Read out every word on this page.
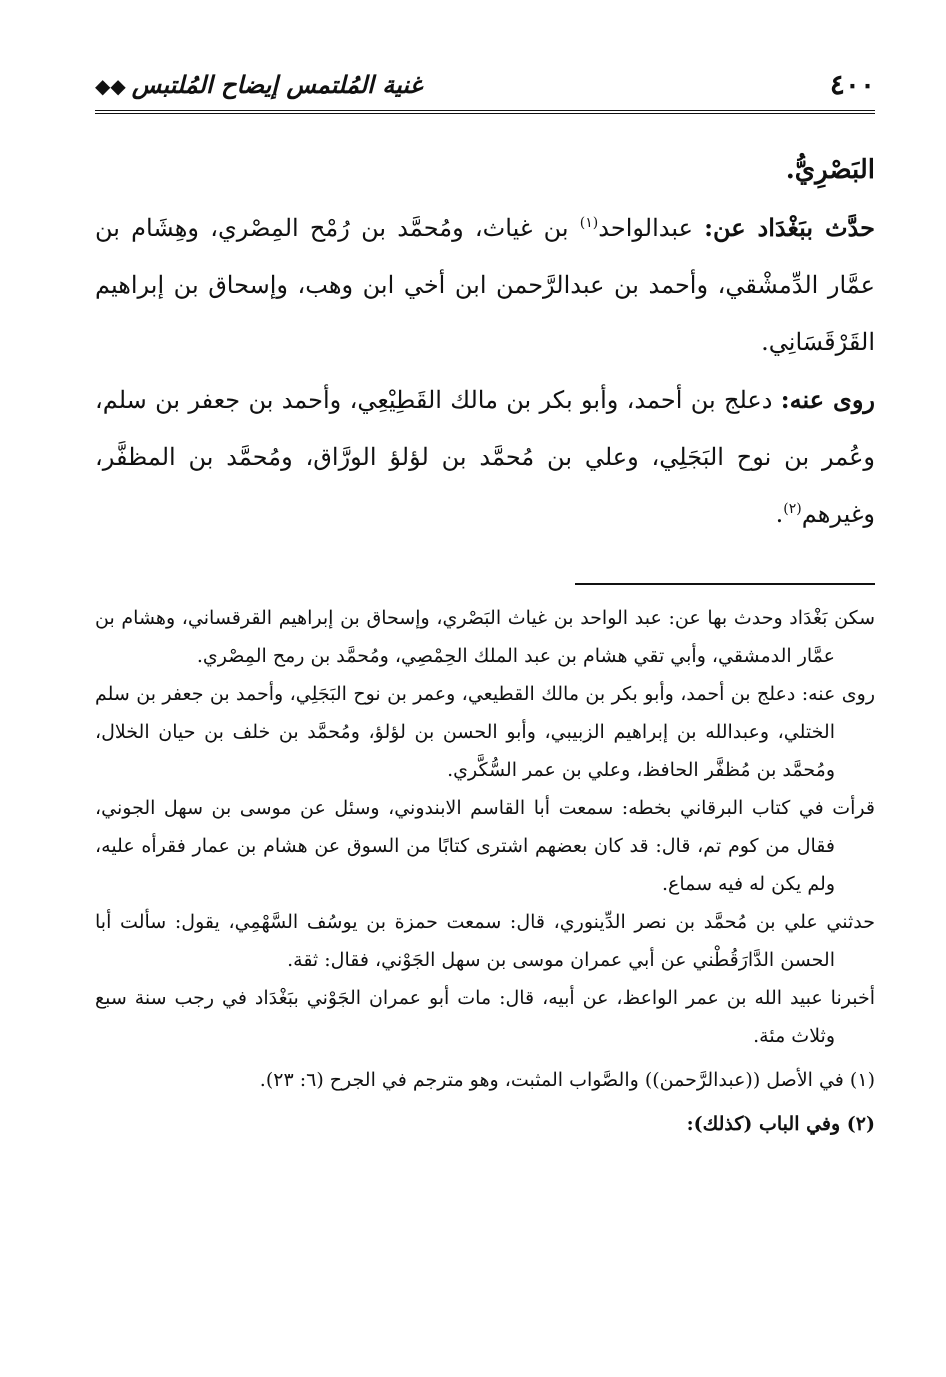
٤٠٠
غنية المُلتمس إيضاح المُلتبس◆◆

البَصْرِيُّ.

حدَّث ببَغْدَاد عن: عبدالواحد$^{(١)}$ بن غياث، ومُحمَّد بن رُمْح المِصْري، وهِشَام بن عمَّار الدِّمشْقي، وأحمد بن عبدالرَّحمن ابن أخي ابن وهب، وإسحاق بن إبراهيم القَرْقَسَانِي.

روى عنه: دعلج بن أحمد، وأبو بكر بن مالك القَطِيْعِي، وأحمد بن جعفر بن سلم، وعُمر بن نوح البَجَلِي، وعلي بن مُحمَّد بن لؤلؤ الورَّاق، ومُحمَّد بن المظفَّر، وغيرهم$^{(٢)}$.

سكن بَغْدَاد وحدث بها عن: عبد الواحد بن غياث البَصْري، وإسحاق بن إبراهيم القرقساني، وهشام بن عمَّار الدمشقي، وأبي تقي هشام بن عبد الملك الحِمْصِي، ومُحمَّد بن رمح المِصْري.

روى عنه: دعلج بن أحمد، وأبو بكر بن مالك القطيعي، وعمر بن نوح البَجَلِي، وأحمد بن جعفر بن سلم الختلي، وعبدالله بن إبراهيم الزبيبي، وأبو الحسن بن لؤلؤ، ومُحمَّد بن خلف بن حيان الخلال، ومُحمَّد بن مُظفَّر الحافظ، وعلي بن عمر السُّكَّري.

قرأت في كتاب البرقاني بخطه: سمعت أبا القاسم الابندوني، وسئل عن موسى بن سهل الجوني، فقال من كوم تم، قال: قد كان بعضهم اشترى كتابًا من السوق عن هشام بن عمار فقرأه عليه، ولم يكن له فيه سماع.

حدثني علي بن مُحمَّد بن نصر الدِّينوري، قال: سمعت حمزة بن يوسُف السَّهْمِي، يقول: سألت أبا الحسن الدَّارَقُطْني عن أبي عمران موسى بن سهل الجَوْني، فقال: ثقة.

أخبرنا عبيد الله بن عمر الواعظ، عن أبيه، قال: مات أبو عمران الجَوْني ببَغْدَاد في رجب سنة سبع وثلاث مئة.

(١) في الأصل ((عبدالرَّحمن)) والصَّواب المثبت، وهو مترجم في الجرح (٦: ٢٣).

(٢) وفي الباب (كذلك):
